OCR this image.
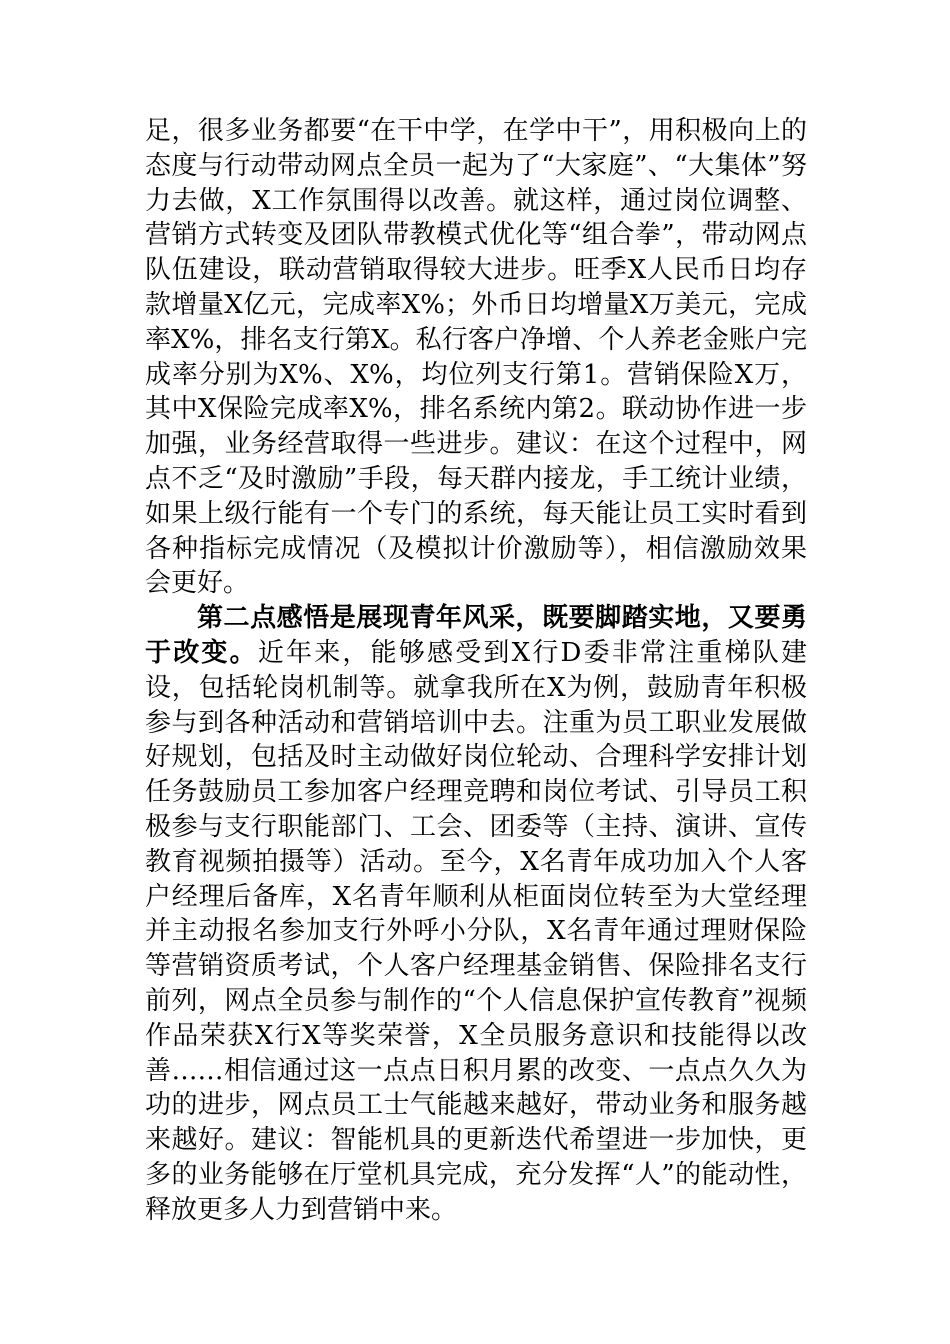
足，很多业务都要“在干中学，在学中干”，用积极向上的态度与行动带动网点全员一起为了“大家庭”、“大集体”努力去做，X工作氛围得以改善。就这样，通过岗位调整、营销方式转变及团队带教模式优化等“组合拳”，带动网点队伍建设，联动营销取得较大进步。旺季X人民币日均存款增量X亿元，完成率X%；外币日均增量X万美元，完成率X%，排名支行第X。私行客户净增、个人养老金账户完成率分别为X%、X%，均位列支行第1。营销保险X万，其中X保险完成率X%，排名系统内第2。联动协作进一步加强，业务经营取得一些进步。建议：在这个过程中，网点不乏“及时激励”手段，每天群内接龙，手工统计业绩，如果上级行能有一个专门的系统，每天能让员工实时看到各种指标完成情况（及模拟计价激励等），相信激励效果会更好。

第二点感悟是展现青年风采，既要脚踏实地，又要勇于改变。近年来，能够感受到X行D委非常注重梯队建设，包括轮岗机制等。就拿我所在X为例，鼓励青年积极参与到各种活动和营销培训中去。注重为员工职业发展做好规划，包括及时主动做好岗位轮动、合理科学安排计划任务鼓励员工参加客户经理竞聘和岗位考试、引导员工积极参与支行职能部门、工会、团委等（主持、演讲、宣传教育视频拍摄等）活动。至今，X名青年成功加入个人客户经理后备库，X名青年顺利从柜面岗位转至为大堂经理并主动报名参加支行外呼小分队，X名青年通过理财保险等营销资质考试，个人客户经理基金销售、保险排名支行前列，网点全员参与制作的“个人信息保护宣传教育”视频作品荣获X行X等奖荣誉，X全员服务意识和技能得以改善……相信通过这一点点日积月累的改变、一点点久久为功的进步，网点员工士气能越来越好，带动业务和服务越来越好。建议：智能机具的更新迭代希望进一步加快，更多的业务能够在厅堂机具完成，充分发挥“人”的能动性，释放更多人力到营销中来。
